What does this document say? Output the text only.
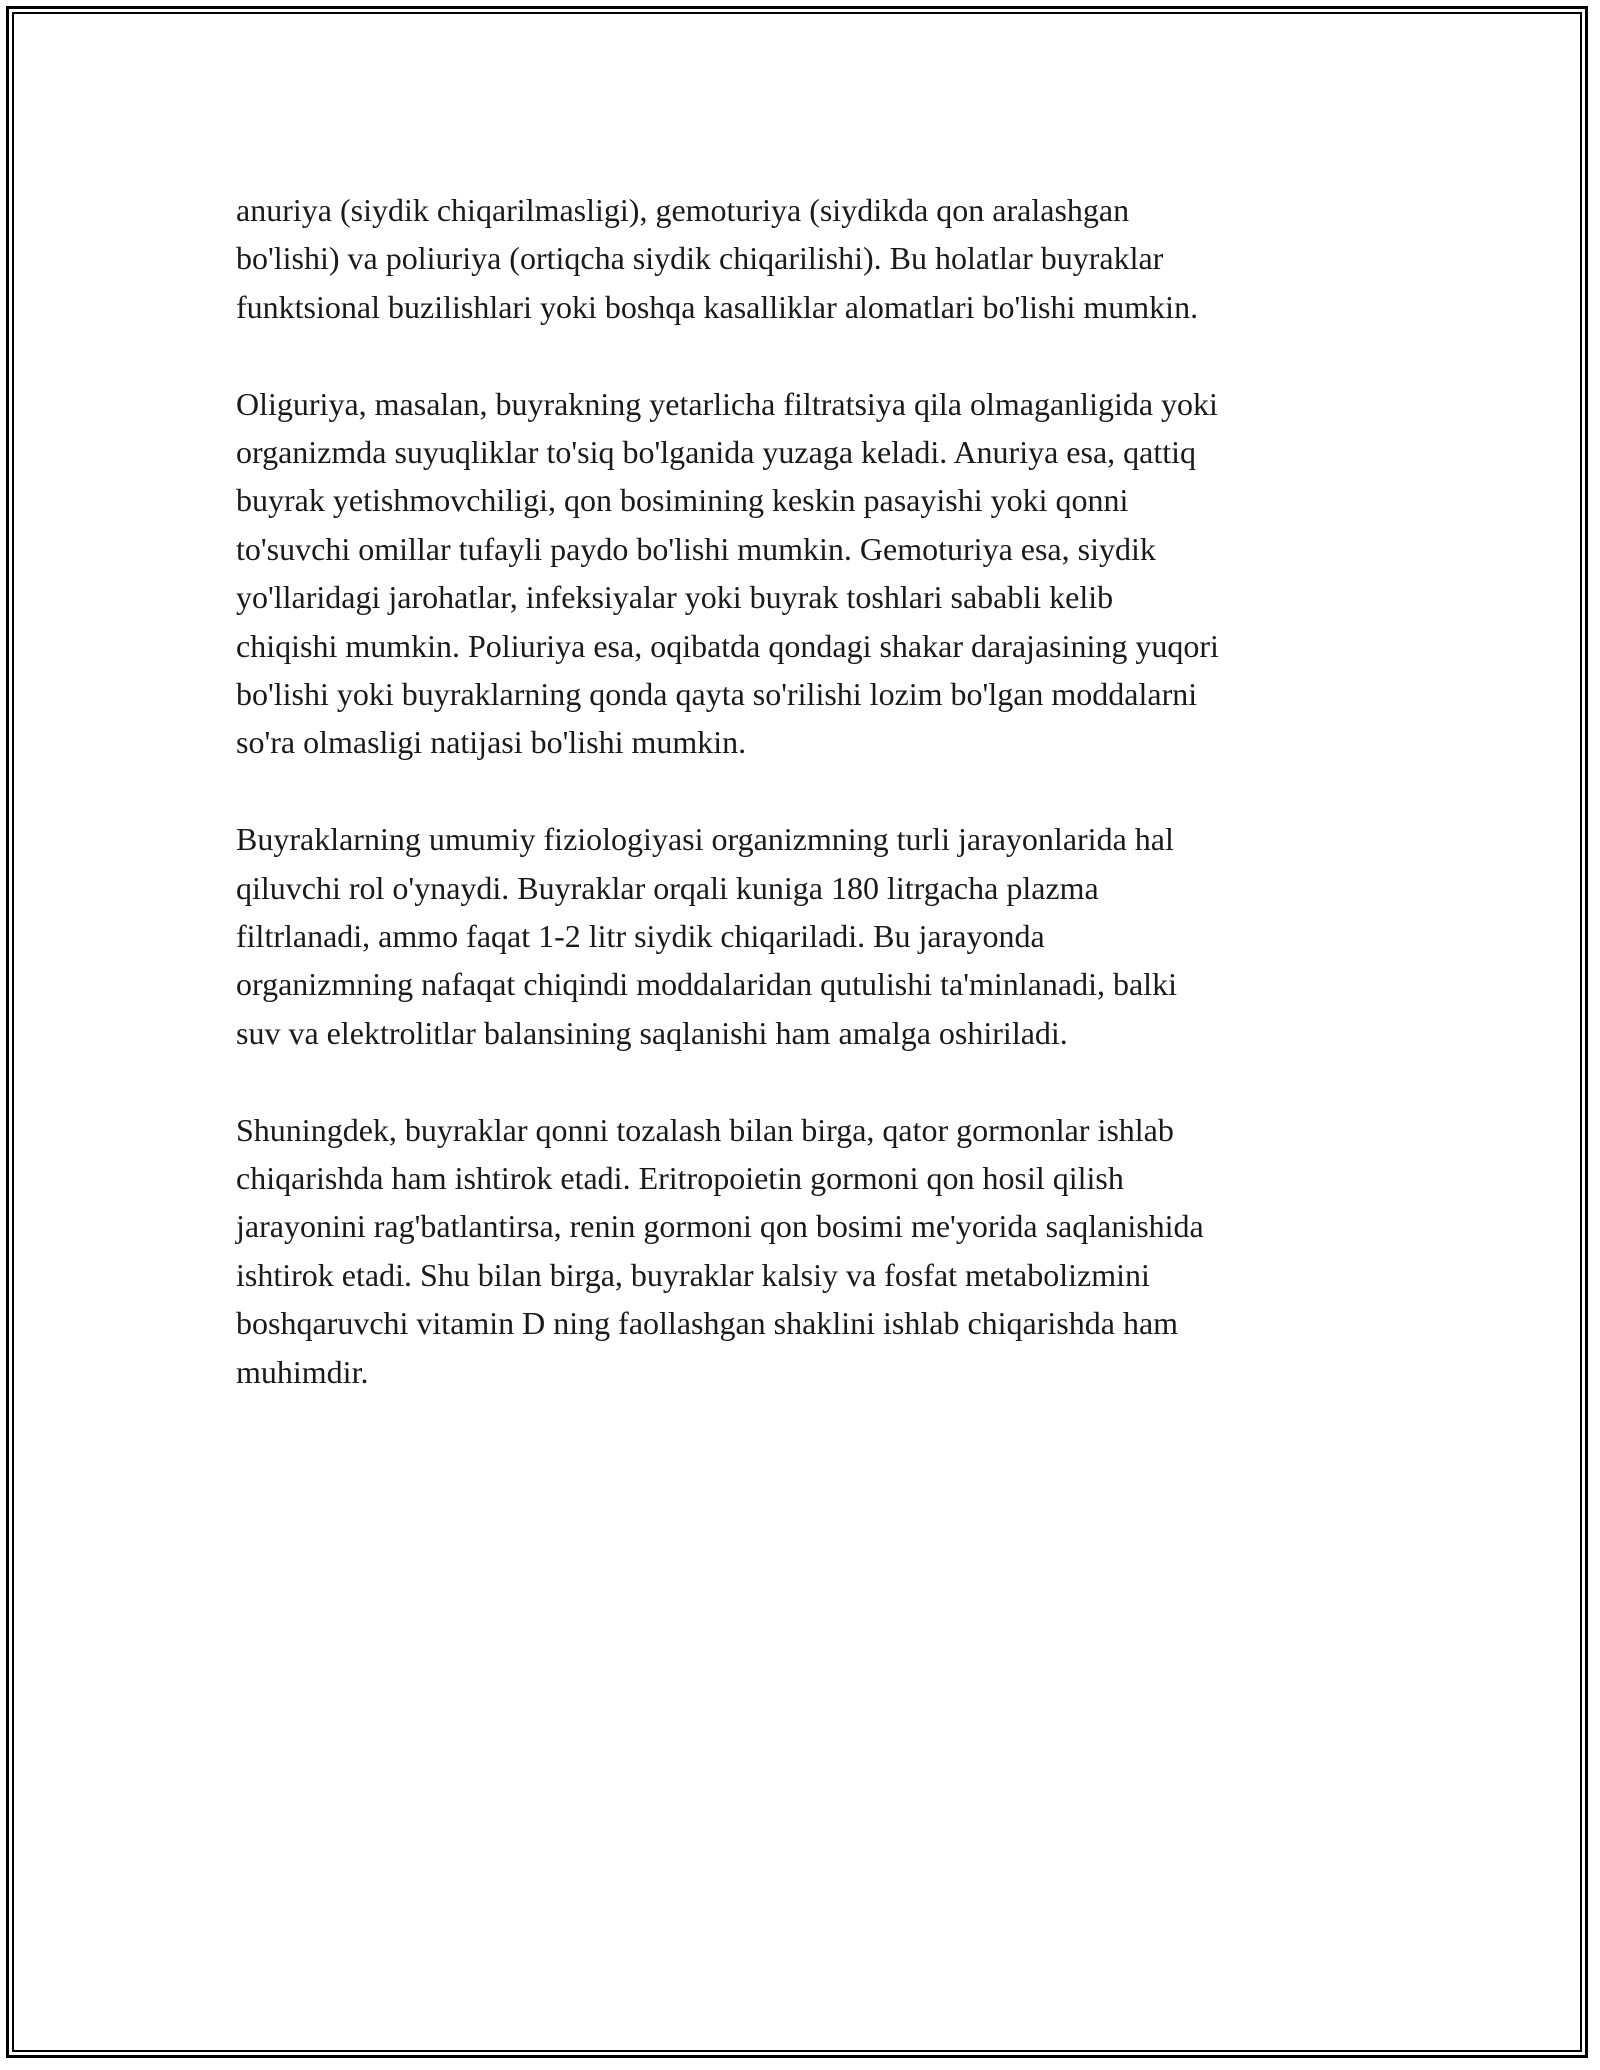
anuriya (siydik chiqarilmasligi), gemoturiya (siydikda qon aralashgan
bo'lishi) va poliuriya (ortiqcha siydik chiqarilishi). Bu holatlar buyraklar
funktsional buzilishlari yoki boshqa kasalliklar alomatlari bo'lishi mumkin.

Oliguriya, masalan, buyrakning yetarlicha filtratsiya qila olmaganligida yoki
organizmda suyuqliklar to'siq bo'lganida yuzaga keladi. Anuriya esa, qattiq
buyrak yetishmovchiligi, qon bosimining keskin pasayishi yoki qonni
to'suvchi omillar tufayli paydo bo'lishi mumkin. Gemoturiya esa, siydik
yo'llaridagi jarohatlar, infeksiyalar yoki buyrak toshlari sababli kelib
chiqishi mumkin. Poliuriya esa, oqibatda qondagi shakar darajasining yuqori
bo'lishi yoki buyraklarning qonda qayta so'rilishi lozim bo'lgan moddalarni
so'ra olmasligi natijasi bo'lishi mumkin.

Buyraklarning umumiy fiziologiyasi organizmning turli jarayonlarida hal
qiluvchi rol o'ynaydi. Buyraklar orqali kuniga 180 litrgacha plazma
filtrlanadi, ammo faqat 1-2 litr siydik chiqariladi. Bu jarayonda
organizmning nafaqat chiqindi moddalaridan qutulishi ta'minlanadi, balki
suv va elektrolitlar balansining saqlanishi ham amalga oshiriladi.

Shuningdek, buyraklar qonni tozalash bilan birga, qator gormonlar ishlab
chiqarishda ham ishtirok etadi. Eritropoietin gormoni qon hosil qilish
jarayonini rag'batlantirsa, renin gormoni qon bosimi me'yorida saqlanishida
ishtirok etadi. Shu bilan birga, buyraklar kalsiy va fosfat metabolizmini
boshqaruvchi vitamin D ning faollashgan shaklini ishlab chiqarishda ham
muhimdir.
